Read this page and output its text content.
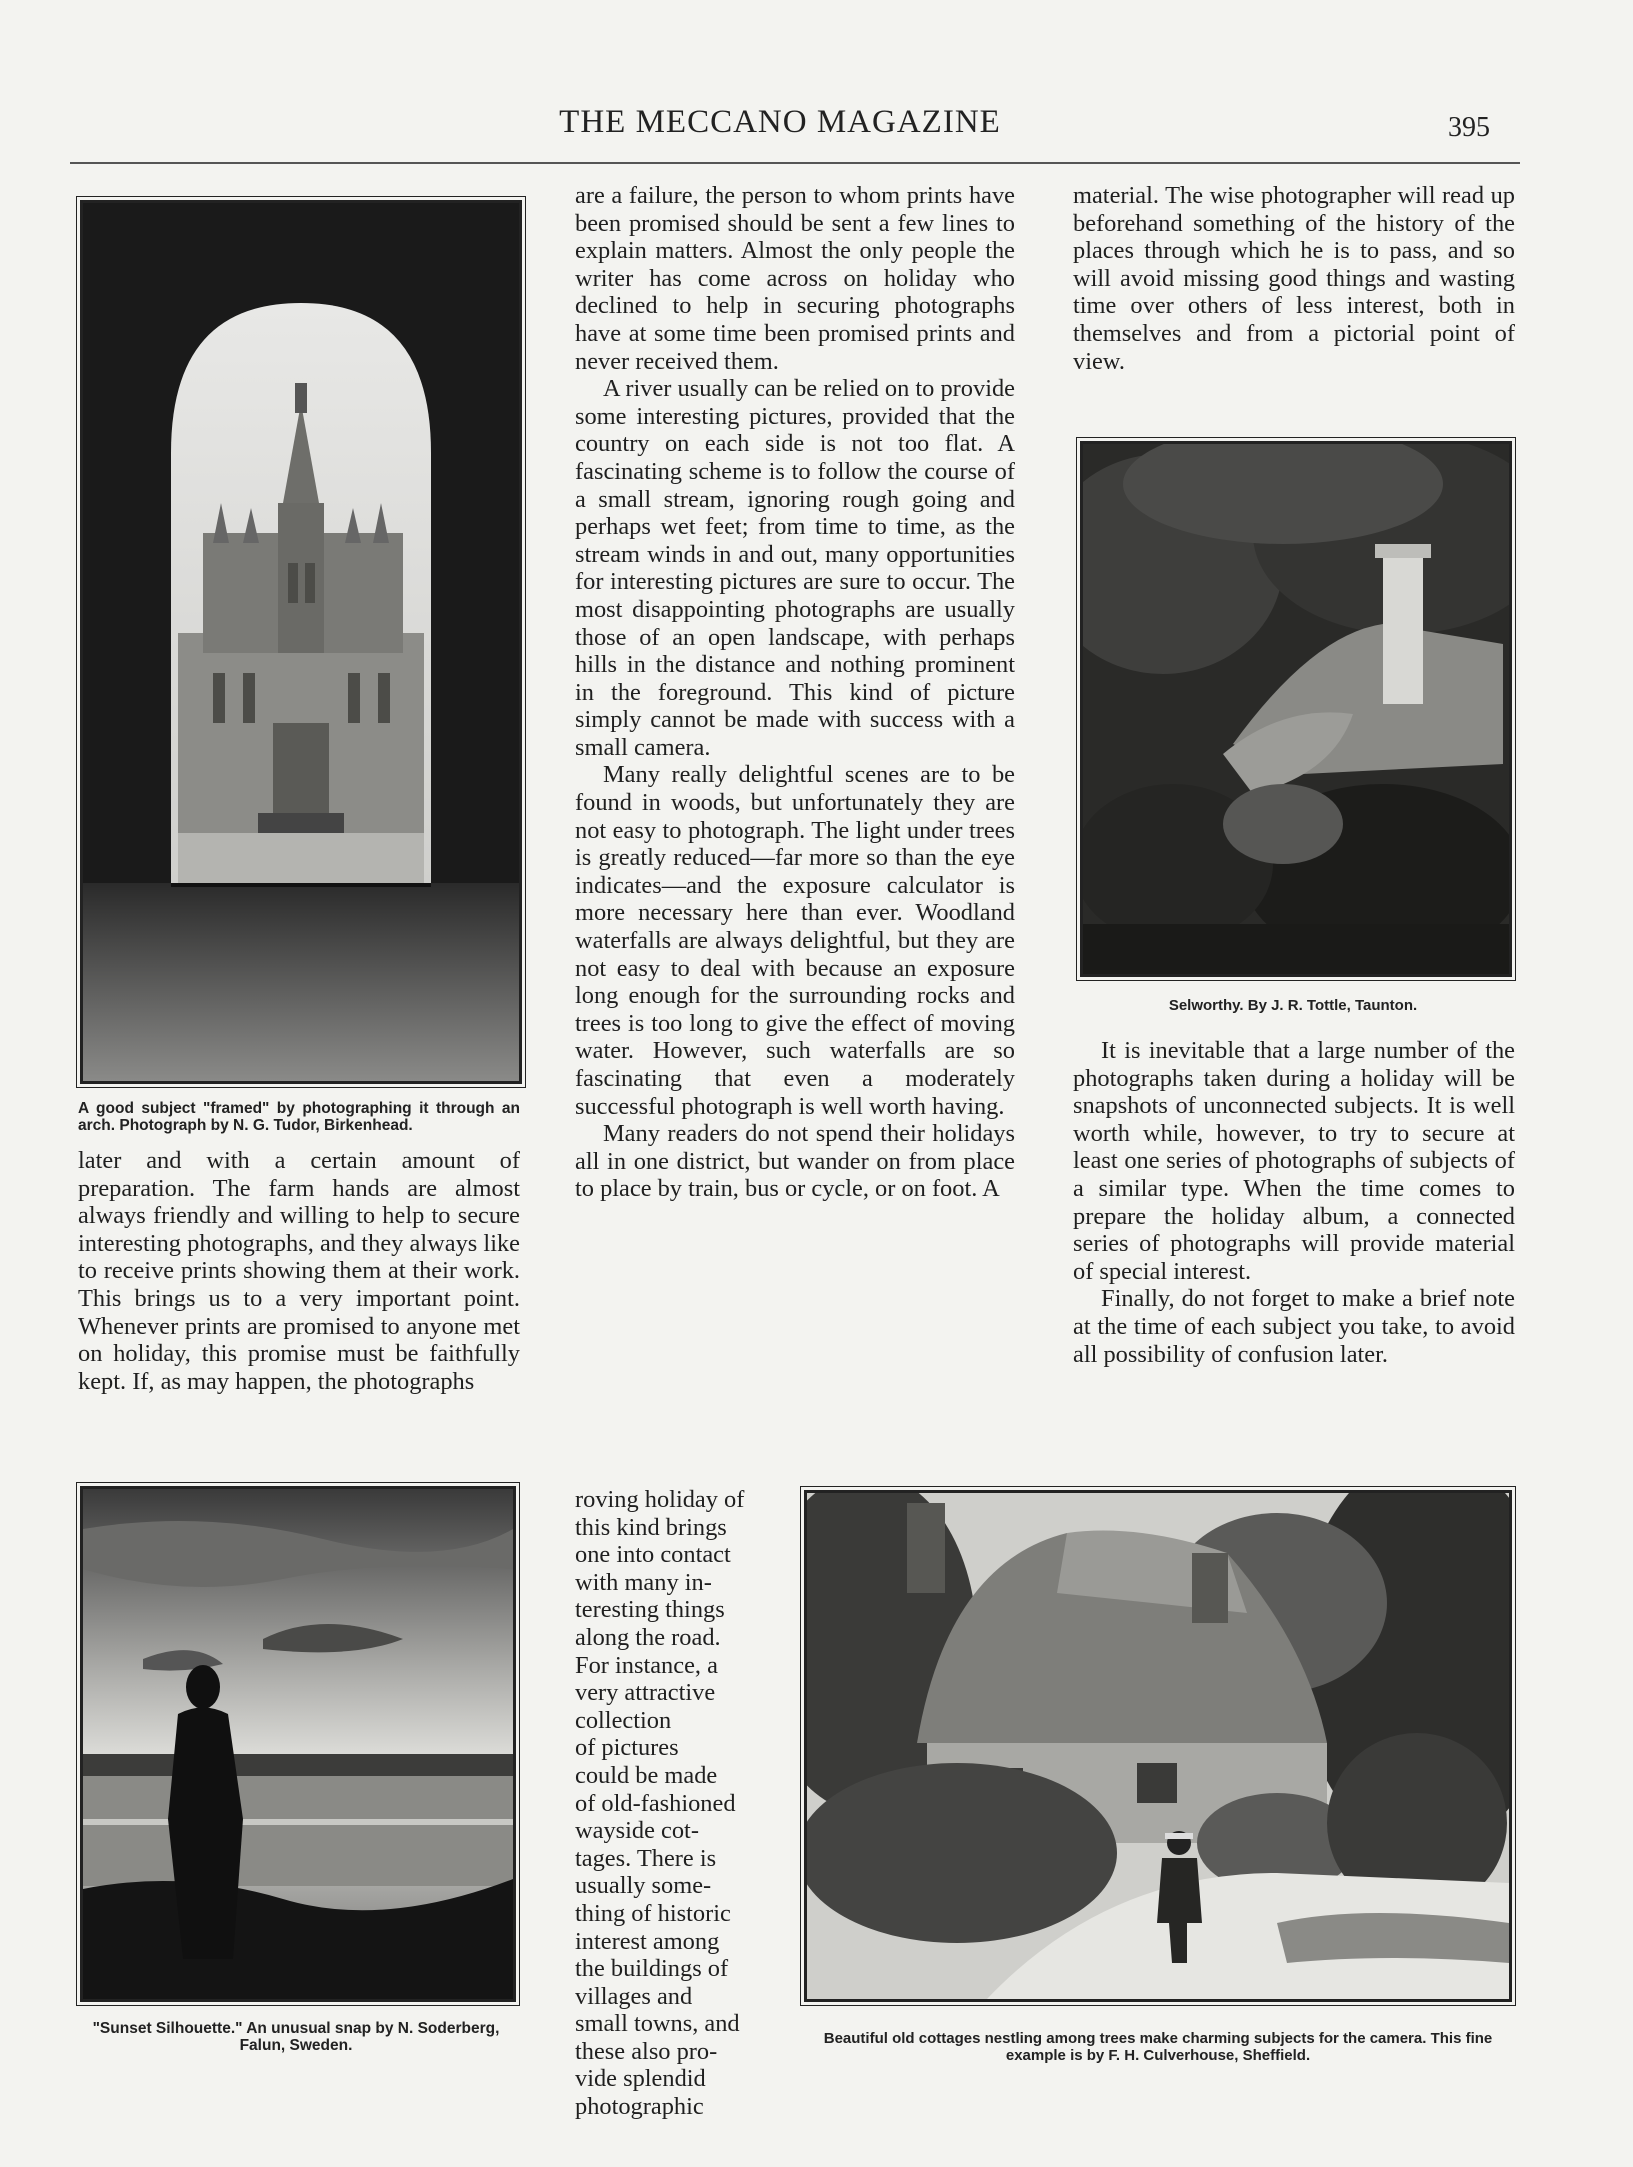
THE MECCANO MAGAZINE	395
A good subject "framed" by photographing it through an arch. Photograph by N. G. Tudor, Birkenhead.

later and with a certain amount of preparation. The farm hands are almost always friendly and willing to help to secure interesting photographs, and they always like to receive prints showing them at their work. This brings us to a very important point. Whenever prints are promised to anyone met on holiday, this promise must be faithfully kept. If, as may happen, the photographs

"Sunset Silhouette." An unusual snap by N. Soderberg, Falun, Sweden.

are a failure, the person to whom prints have been promised should be sent a few lines to explain matters. Almost the only people the writer has come across on holiday who declined to help in securing photographs have at some time been promised prints and never received them.

A river usually can be relied on to provide some interesting pictures, provided that the country on each side is not too flat. A fascinating scheme is to follow the course of a small stream, ignoring rough going and perhaps wet feet; from time to time, as the stream winds in and out, many opportunities for interesting pictures are sure to occur. The most disappointing photographs are usually those of an open landscape, with perhaps hills in the distance and nothing prominent in the foreground. This kind of picture simply cannot be made with success with a small camera.

Many really delightful scenes are to be found in woods, but unfortunately they are not easy to photograph. The light under trees is greatly reduced—far more so than the eye indicates—and the exposure calculator is more necessary here than ever. Woodland waterfalls are always delightful, but they are not easy to deal with because an exposure long enough for the surrounding rocks and trees is too long to give the effect of moving water. However, such waterfalls are so fascinating that even a moderately successful photograph is well worth having.

Many readers do not spend their holidays all in one district, but wander on from place to place by train, bus or cycle, or on foot. A

roving holiday of
this kind brings
one into contact
with many in-
teresting things
along the road.
For instance, a
very attractive
collection
of pictures
could be made
of old-fashioned
wayside cot-
tages. There is
usually some-
thing of historic
interest among
the buildings of
villages and
small towns, and
these also pro-
vide splendid
photographic

material. The wise photographer will read up beforehand something of the history of the places through which he is to pass, and so will avoid missing good things and wasting time over others of less interest, both in themselves and from a pictorial point of view.

Selworthy. By J. R. Tottle, Taunton.

It is inevitable that a large number of the photographs taken during a holiday will be snapshots of unconnected subjects. It is well worth while, however, to try to secure at least one series of photographs of subjects of a similar type. When the time comes to prepare the holiday album, a connected series of photographs will provide material of special interest.

Finally, do not forget to make a brief note at the time of each subject you take, to avoid all possibility of confusion later.

Beautiful old cottages nestling among trees make charming subjects for the camera. This fine example is by F. H. Culverhouse, Sheffield.
